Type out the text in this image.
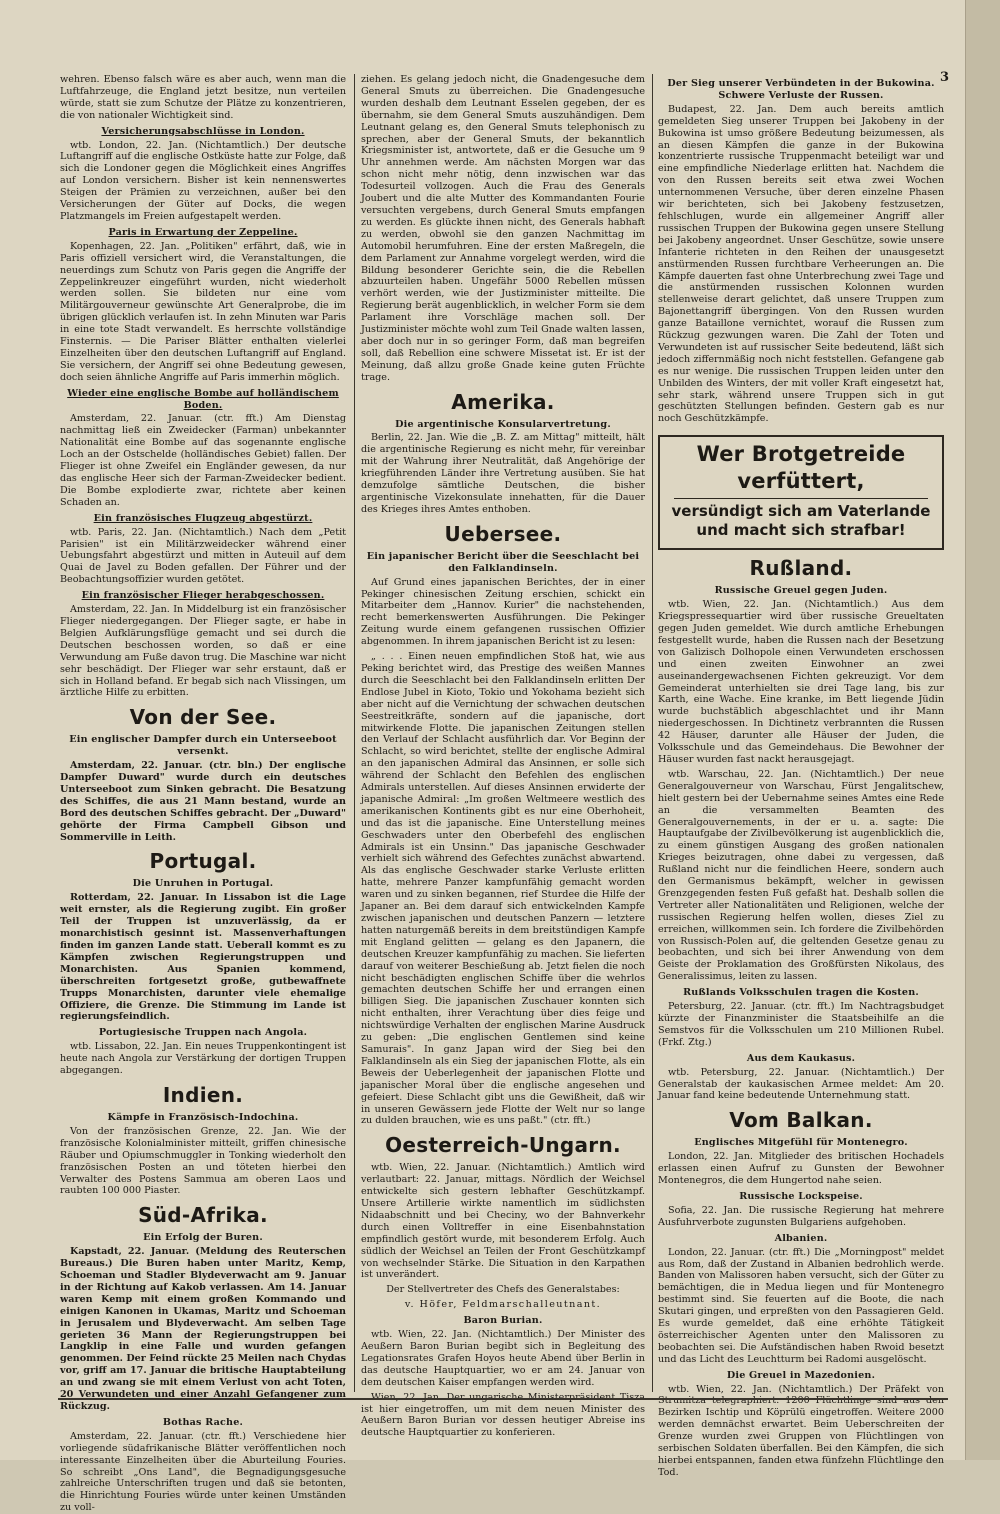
3

wehren. Ebenso falsch wäre es aber auch, wenn man die Luftfahrzeuge, die England jetzt besitze, nun verteilen würde, statt sie zum Schutze der Plätze zu konzentrieren, die von nationaler Wichtigkeit sind.

Versicherungsabschlüsse in London.

wtb. London, 22. Jan. (Nichtamtlich.) Der deutsche Luftangriff auf die englische Ostküste hatte zur Folge, daß sich die Londoner gegen die Möglichkeit eines Angriffes auf London versichern. Bisher ist kein nennenswertes Steigen der Prämien zu verzeichnen, außer bei den Versicherungen der Güter auf Docks, die wegen Platzmangels im Freien aufgestapelt werden.

Paris in Erwartung der Zeppeline.

Kopenhagen, 22. Jan. „Politiken" erfährt, daß, wie in Paris offiziell versichert wird, die Veranstaltungen, die neuerdings zum Schutz von Paris gegen die Angriffe der Zeppelinkreuzer eingeführt wurden, nicht wiederholt werden sollen. Sie bildeten nur eine vom Militärgouverneur gewünschte Art Generalprobe, die im übrigen glücklich verlaufen ist. In zehn Minuten war Paris in eine tote Stadt verwandelt. Es herrschte vollständige Finsternis. — Die Pariser Blätter enthalten vielerlei Einzelheiten über den deutschen Luftangriff auf England. Sie versichern, der Angriff sei ohne Bedeutung gewesen, doch seien ähnliche Angriffe auf Paris immerhin möglich.

Wieder eine englische Bombe auf holländischem Boden.

Amsterdam, 22. Januar. (ctr. fft.) Am Dienstag nachmittag ließ ein Zweidecker (Farman) unbekannter Nationalität eine Bombe auf das sogenannte englische Loch an der Ostschelde (holländisches Gebiet) fallen. Der Flieger ist ohne Zweifel ein Engländer gewesen, da nur das englische Heer sich der Farman-Zweidecker bedient. Die Bombe explodierte zwar, richtete aber keinen Schaden an.

Ein französisches Flugzeug abgestürzt.

wtb. Paris, 22. Jan. (Nichtamtlich.) Nach dem „Petit Parisien" ist ein Militärzweidecker während einer Uebungsfahrt abgestürzt und mitten in Auteuil auf dem Quai de Javel zu Boden gefallen. Der Führer und der Beobachtungsoffizier wurden getötet.

Ein französischer Flieger herabgeschossen.

Amsterdam, 22. Jan. In Middelburg ist ein französischer Flieger niedergegangen. Der Flieger sagte, er habe in Belgien Aufklärungsflüge gemacht und sei durch die Deutschen beschossen worden, so daß er eine Verwundung am Fuße davon trug. Die Maschine war nicht sehr beschädigt. Der Flieger war sehr erstaunt, daß er sich in Holland befand. Er begab sich nach Vlissingen, um ärztliche Hilfe zu erbitten.

Von der See.
Ein englischer Dampfer durch ein Unterseeboot versenkt.

Amsterdam, 22. Januar. (ctr. bln.) Der englische Dampfer Duward" wurde durch ein deutsches Unterseeboot zum Sinken gebracht. Die Besatzung des Schiffes, die aus 21 Mann bestand, wurde an Bord des deutschen Schiffes gebracht. Der „Duward" gehörte der Firma Campbell Gibson und Sommerville in Leith.

Portugal.
Die Unruhen in Portugal.

Rotterdam, 22. Januar. In Lissabon ist die Lage weit ernster, als die Regierung zugibt. Ein großer Teil der Truppen ist unzuverlässig, da er monarchistisch gesinnt ist. Massenverhaftungen finden im ganzen Lande statt. Ueberall kommt es zu Kämpfen zwischen Regierungstruppen und Monarchisten. Aus Spanien kommend, überschreiten fortgesetzt große, gutbewaffnete Trupps Monarchisten, darunter viele ehemalige Offiziere, die Grenze. Die Stimmung im Lande ist regierungsfeindlich.

Portugiesische Truppen nach Angola.

wtb. Lissabon, 22. Jan. Ein neues Truppenkontingent ist heute nach Angola zur Verstärkung der dortigen Truppen abgegangen.

Indien.
Kämpfe in Französisch-Indochina.

Von der französischen Grenze, 22. Jan. Wie der französische Kolonialminister mitteilt, griffen chinesische Räuber und Opiumschmuggler in Tonking wiederholt den französischen Posten an und töteten hierbei den Verwalter des Postens Sammua am oberen Laos und raubten 100 000 Piaster.

Süd-Afrika.
Ein Erfolg der Buren.

Kapstadt, 22. Januar. (Meldung des Reuterschen Bureaus.) Die Buren haben unter Maritz, Kemp, Schoeman und Stadler Blydeverwacht am 9. Januar in der Richtung auf Kakob verlassen. Am 14. Januar waren Kemp mit einem großen Kommando und einigen Kanonen in Ukamas, Maritz und Schoeman in Jerusalem und Blydeverwacht. Am selben Tage gerieten 36 Mann der Regierungstruppen bei Langklip in eine Falle und wurden gefangen genommen. Der Feind rückte 25 Meilen nach Chydas vor, griff am 17. Januar die britische Hauptabteilung an und zwang sie mit einem Verlust von acht Toten, 20 Verwundeten und einer Anzahl Gefangener zum Rückzug.

Bothas Rache.

Amsterdam, 22. Januar. (ctr. fft.) Verschiedene hier vorliegende südafrikanische Blätter veröffentlichen noch interessante Einzelheiten über die Aburteilung Fouries. So schreibt „Ons Land", die Begnadigungsgesuche zahlreiche Unterschriften trugen und daß sie betonten, die Hinrichtung Fouries würde unter keinen Umständen zu voll-

ziehen. Es gelang jedoch nicht, die Gnadengesuche dem General Smuts zu überreichen. Die Gnadengesuche wurden deshalb dem Leutnant Esselen gegeben, der es übernahm, sie dem General Smuts auszuhändigen. Dem Leutnant gelang es, den General Smuts telephonisch zu sprechen, aber der General Smuts, der bekanntlich Kriegsminister ist, antwortete, daß er die Gesuche um 9 Uhr annehmen werde. Am nächsten Morgen war das schon nicht mehr nötig, denn inzwischen war das Todesurteil vollzogen. Auch die Frau des Generals Joubert und die alte Mutter des Kommandanten Fourie versuchten vergebens, durch General Smuts empfangen zu werden. Es glückte ihnen nicht, des Generals habhaft zu werden, obwohl sie den ganzen Nachmittag im Automobil herumfuhren. Eine der ersten Maßregeln, die dem Parlament zur Annahme vorgelegt werden, wird die Bildung besonderer Gerichte sein, die die Rebellen abzuurteilen haben. Ungefähr 5000 Rebellen müssen verhört werden, wie der Justizminister mitteilte. Die Regierung berät augenblicklich, in welcher Form sie dem Parlament ihre Vorschläge machen soll. Der Justizminister möchte wohl zum Teil Gnade walten lassen, aber doch nur in so geringer Form, daß man begreifen soll, daß Rebellion eine schwere Missetat ist. Er ist der Meinung, daß allzu große Gnade keine guten Früchte trage.

Amerika.
Die argentinische Konsularvertretung.

Berlin, 22. Jan. Wie die „B. Z. am Mittag" mitteilt, hält die argentinische Regierung es nicht mehr, für vereinbar mit der Wahrung ihrer Neutralität, daß Angehörige der kriegführenden Länder ihre Vertretung ausüben. Sie hat demzufolge sämtliche Deutschen, die bisher argentinische Vizekonsulate innehatten, für die Dauer des Krieges ihres Amtes enthoben.

Uebersee.
Ein japanischer Bericht über die Seeschlacht bei den Falklandinseln.

Auf Grund eines japanischen Berichtes, der in einer Pekinger chinesischen Zeitung erschien, schickt ein Mitarbeiter dem „Hannov. Kurier" die nachstehenden, recht bemerkenswerten Ausführungen. Die Pekinger Zeitung wurde einem gefangenen russischen Offizier abgenommen. In ihrem japanischen Bericht ist zu lesen:

„ . . . Einen neuen empfindlichen Stoß hat, wie aus Peking berichtet wird, das Prestige des weißen Mannes durch die Seeschlacht bei den Falklandinseln erlitten Der Endlose Jubel in Kioto, Tokio und Yokohama bezieht sich aber nicht auf die Vernichtung der schwachen deutschen Seestreitkräfte, sondern auf die japanische, dort mitwirkende Flotte. Die japanischen Zeitungen stellen den Verlauf der Schlacht ausführlich dar. Vor Beginn der Schlacht, so wird berichtet, stellte der englische Admiral an den japanischen Admiral das Ansinnen, er solle sich während der Schlacht den Befehlen des englischen Admirals unterstellen. Auf dieses Ansinnen erwiderte der japanische Admiral: „Im großen Weltmeere westlich des amerikanischen Kontinents gibt es nur eine Oberhoheit, und das ist die japanische. Eine Unterstellung meines Geschwaders unter den Oberbefehl des englischen Admirals ist ein Unsinn." Das japanische Geschwader verhielt sich während des Gefechtes zunächst abwartend. Als das englische Geschwader starke Verluste erlitten hatte, mehrere Panzer kampfunfähig gemacht worden waren und zu sinken begannen, rief Sturdee die Hilfe der Japaner an. Bei dem darauf sich entwickelnden Kampfe zwischen japanischen und deutschen Panzern — letztere hatten naturgemäß bereits in dem breitstündigen Kampfe mit England gelitten — gelang es den Japanern, die deutschen Kreuzer kampfunfähig zu machen. Sie lieferten darauf von weiterer Beschießung ab. Jetzt fielen die noch nicht beschädigten englischen Schiffe über die wehrlos gemachten deutschen Schiffe her und errangen einen billigen Sieg. Die japanischen Zuschauer konnten sich nicht enthalten, ihrer Verachtung über dies feige und nichtswürdige Verhalten der englischen Marine Ausdruck zu geben: „Die englischen Gentlemen sind keine Samurais". In ganz Japan wird der Sieg bei den Falklandinseln als ein Sieg der japanischen Flotte, als ein Beweis der Ueberlegenheit der japanischen Flotte und japanischer Moral über die englische angesehen und gefeiert. Diese Schlacht gibt uns die Gewißheit, daß wir in unseren Gewässern jede Flotte der Welt nur so lange zu dulden brauchen, wie es uns paßt." (ctr. fft.)

Oesterreich-Ungarn.

wtb. Wien, 22. Januar. (Nichtamtlich.) Amtlich wird verlautbart: 22. Januar, mittags. Nördlich der Weichsel entwickelte sich gestern lebhafter Geschützkampf. Unsere Artillerie wirkte namentlich im südlichsten Nidaabschnitt und bei Checiny, wo der Bahnverkehr durch einen Volltreffer in eine Eisenbahnstation empfindlich gestört wurde, mit besonderem Erfolg. Auch südlich der Weichsel an Teilen der Front Geschützkampf von wechselnder Stärke. Die Situation in den Karpathen ist unverändert.

Der Stellvertreter des Chefs des Generalstabes:
v. Höfer, Feldmarschalleutnant.
Baron Burian.

wtb. Wien, 22. Jan. (Nichtamtlich.) Der Minister des Aeußern Baron Burian begibt sich in Begleitung des Legationsrates Grafen Hoyos heute Abend über Berlin in das deutsche Hauptquartier, wo er am 24. Januar von dem deutschen Kaiser empfangen werden wird.

Wien, 22. Jan. Der ungarische Ministerpräsident Tisza ist hier eingetroffen, um mit dem neuen Minister des Aeußern Baron Burian vor dessen heutiger Abreise ins deutsche Hauptquartier zu konferieren.

Der Sieg unserer Verbündeten in der Bukowina. Schwere Verluste der Russen.

Budapest, 22. Jan. Dem auch bereits amtlich gemeldeten Sieg unserer Truppen bei Jakobeny in der Bukowina ist umso größere Bedeutung beizumessen, als an diesen Kämpfen die ganze in der Bukowina konzentrierte russische Truppenmacht beteiligt war und eine empfindliche Niederlage erlitten hat. Nachdem die von den Russen bereits seit etwa zwei Wochen unternommenen Versuche, über deren einzelne Phasen wir berichteten, sich bei Jakobeny festzusetzen, fehlschlugen, wurde ein allgemeiner Angriff aller russischen Truppen der Bukowina gegen unsere Stellung bei Jakobeny angeordnet. Unser Geschütze, sowie unsere Infanterie richteten in den Reihen der unausgesetzt anstürmenden Russen furchtbare Verheerungen an. Die Kämpfe dauerten fast ohne Unterbrechung zwei Tage und die anstürmenden russischen Kolonnen wurden stellenweise derart gelichtet, daß unsere Truppen zum Bajonettangriff übergingen. Von den Russen wurden ganze Bataillone vernichtet, worauf die Russen zum Rückzug gezwungen waren. Die Zahl der Toten und Verwundeten ist auf russischer Seite bedeutend, läßt sich jedoch ziffernmäßig noch nicht feststellen. Gefangene gab es nur wenige. Die russischen Truppen leiden unter den Unbilden des Winters, der mit voller Kraft eingesetzt hat, sehr stark, während unsere Truppen sich in gut geschützten Stellungen befinden. Gestern gab es nur noch Geschützkämpfe.

Wer Brotgetreide verfüttert,
versündigt sich am Vaterlande
und macht sich strafbar!
Rußland.
Russische Greuel gegen Juden.

wtb. Wien, 22. Jan. (Nichtamtlich.) Aus dem Kriegspressequartier wird über russische Greueltaten gegen Juden gemeldet. Wie durch amtliche Erhebungen festgestellt wurde, haben die Russen nach der Besetzung von Galizisch Dolhopole einen Verwundeten erschossen und einen zweiten Einwohner an zwei auseinandergewachsenen Fichten gekreuzigt. Vor dem Gemeinderat unterhielten sie drei Tage lang, bis zur Karth, eine Wache. Eine kranke, im Bett liegende Jüdin wurde buchstäblich abgeschlachtet und ihr Mann niedergeschossen. In Dichtinetz verbrannten die Russen 42 Häuser, darunter alle Häuser der Juden, die Volksschule und das Gemeindehaus. Die Bewohner der Häuser wurden fast nackt herausgejagt.

wtb. Warschau, 22. Jan. (Nichtamtlich.) Der neue Generalgouverneur von Warschau, Fürst Jengalitschew, hielt gestern bei der Uebernahme seines Amtes eine Rede an die versammelten Beamten des Generalgouvernements, in der er u. a. sagte: Die Hauptaufgabe der Zivilbevölkerung ist augenblicklich die, zu einem günstigen Ausgang des großen nationalen Krieges beizutragen, ohne dabei zu vergessen, daß Rußland nicht nur die feindlichen Heere, sondern auch den Germanismus bekämpft, welcher in gewissen Grenzgegenden festen Fuß gefaßt hat. Deshalb sollen die Vertreter aller Nationalitäten und Religionen, welche der russischen Regierung helfen wollen, dieses Ziel zu erreichen, willkommen sein. Ich fordere die Zivilbehörden von Russisch-Polen auf, die geltenden Gesetze genau zu beobachten, und sich bei ihrer Anwendung von dem Geiste der Proklamation des Großfürsten Nikolaus, des Generalissimus, leiten zu lassen.

Rußlands Volksschulen tragen die Kosten.

Petersburg, 22. Januar. (ctr. fft.) Im Nachtragsbudget kürzte der Finanzminister die Staatsbeihilfe an die Semstvos für die Volksschulen um 210 Millionen Rubel. (Frkf. Ztg.)

Aus dem Kaukasus.

wtb. Petersburg, 22. Januar. (Nichtamtlich.) Der Generalstab der kaukasischen Armee meldet: Am 20. Januar fand keine bedeutende Unternehmung statt.

Vom Balkan.
Englisches Mitgefühl für Montenegro.

London, 22. Jan. Mitglieder des britischen Hochadels erlassen einen Aufruf zu Gunsten der Bewohner Montenegros, die dem Hungertod nahe seien.

Russische Lockspeise.

Sofia, 22. Jan. Die russische Regierung hat mehrere Ausfuhrverbote zugunsten Bulgariens aufgehoben.

Albanien.

London, 22. Januar. (ctr. fft.) Die „Morningpost" meldet aus Rom, daß der Zustand in Albanien bedrohlich werde. Banden von Malissoren haben versucht, sich der Güter zu bemächtigen, die in Medua liegen und für Montenegro bestimmt sind. Sie feuerten auf die Boote, die nach Skutari gingen, und erpreßten von den Passagieren Geld. Es wurde gemeldet, daß eine erhöhte Tätigkeit österreichischer Agenten unter den Malissoren zu beobachten sei. Die Aufständischen haben Rwoid besetzt und das Licht des Leuchtturm bei Radomi ausgelöscht.

Die Greuel in Mazedonien.

wtb. Wien, 22. Jan. (Nichtamtlich.) Der Präfekt von Strumitza telegraphiert: 1200 Flüchtlinge sind aus den Bezirken Ischtip und Köprülü eingetroffen. Weitere 2000 werden demnächst erwartet. Beim Ueberschreiten der Grenze wurden zwei Gruppen von Flüchtlingen von serbischen Soldaten überfallen. Bei den Kämpfen, die sich hierbei entspannen, fanden etwa fünfzehn Flüchtlinge den Tod.
